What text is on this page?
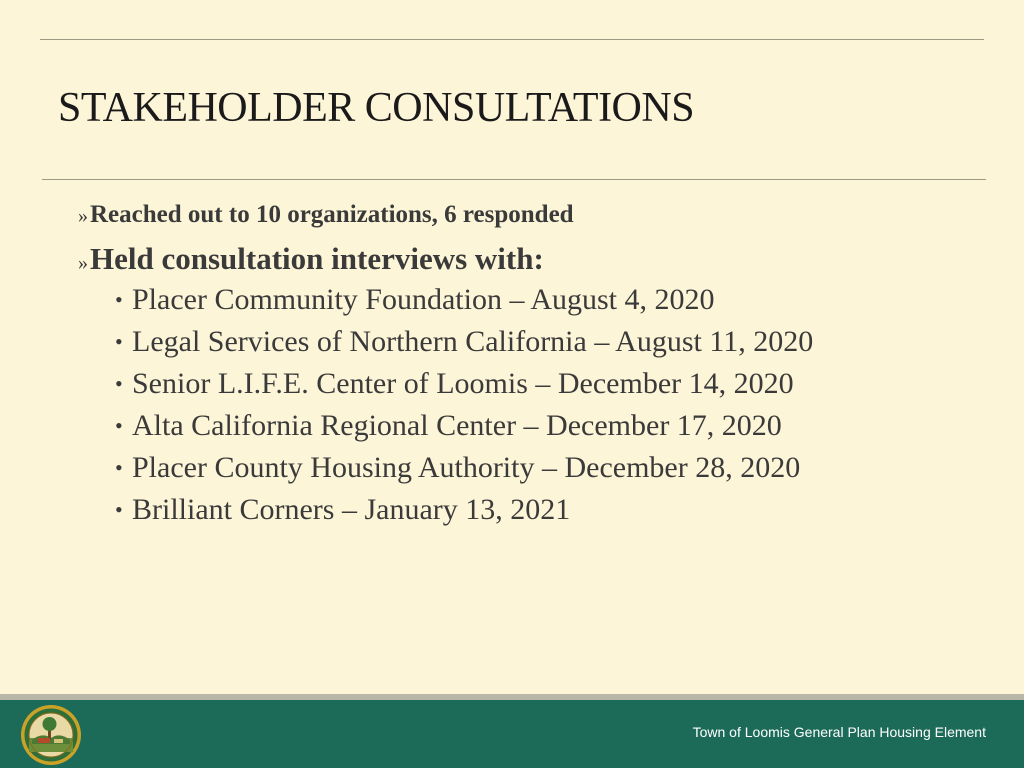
STAKEHOLDER CONSULTATIONS
»Reached out to 10 organizations, 6 responded
»Held consultation interviews with:
• Placer Community Foundation – August 4, 2020
• Legal Services of Northern California – August 11, 2020
• Senior L.I.F.E. Center of Loomis – December 14, 2020
• Alta California Regional Center – December 17, 2020
• Placer County Housing Authority – December 28, 2020
• Brilliant Corners – January 13, 2021
Town of Loomis General Plan Housing Element
